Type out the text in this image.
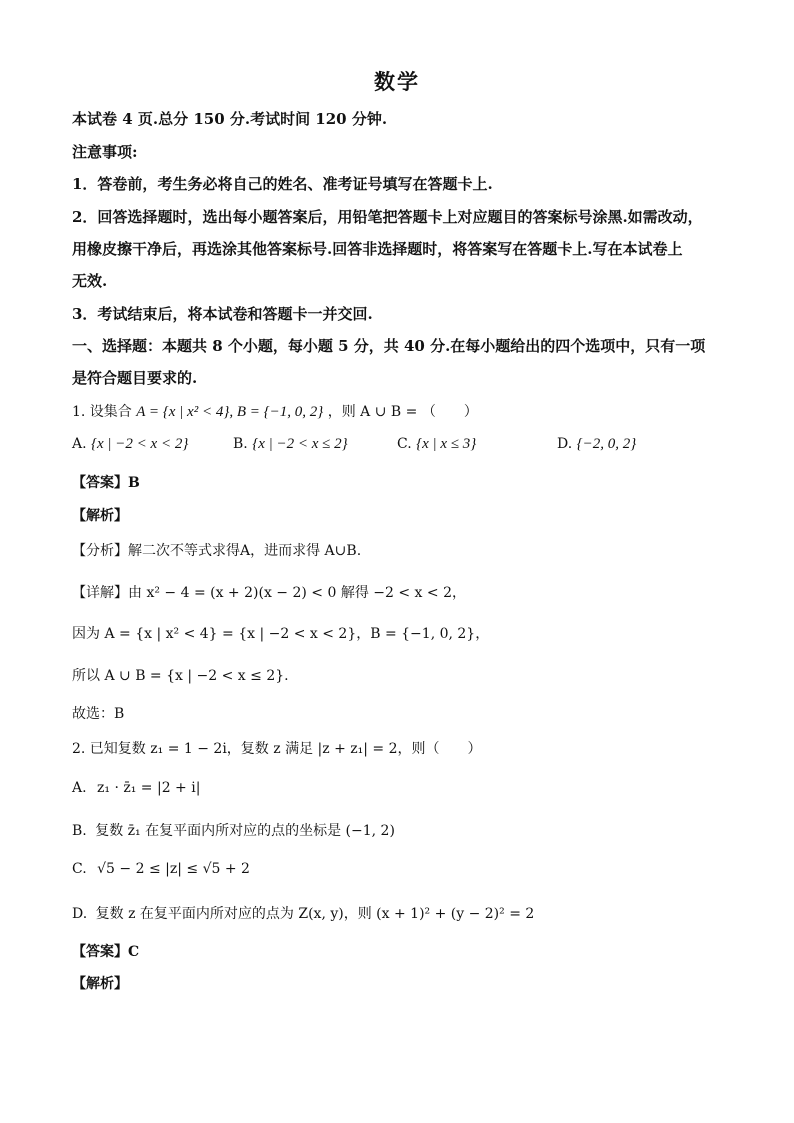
数学
本试卷 4 页.总分 150 分.考试时间 120 分钟.
注意事项:
1．答卷前，考生务必将自己的姓名、准考证号填写在答题卡上.
2．回答选择题时，选出每小题答案后，用铅笔把答题卡上对应题目的答案标号涂黑.如需改动，
用橡皮擦干净后，再选涂其他答案标号.回答非选择题时，将答案写在答题卡上.写在本试卷上
无效.
3．考试结束后，将本试卷和答题卡一并交回.
一、选择题：本题共 8 个小题，每小题 5 分，共 40 分.在每小题给出的四个选项中，只有一项
是符合题目要求的.
1. 设集合 A = {x | x² < 4}, B = {−1, 0, 2} ，则 A ∪ B = （　　）
A. {x | −2 < x < 2}	B. {x | −2 < x ≤ 2}	C. {x | x ≤ 3}	D. {−2, 0, 2}
【答案】B
【解析】
【分析】解二次不等式求得A，进而求得 A∪B.
【详解】由 x² − 4 = (x + 2)(x − 2) < 0 解得 −2 < x < 2，
因为 A = {x | x² < 4} = {x | −2 < x < 2}，B = {−1, 0, 2}，
所以 A ∪ B = {x | −2 < x ≤ 2}.
故选：B
2. 已知复数 z₁ = 1 − 2i，复数 z 满足 |z + z₁| = 2，则（　　）
A. z₁ · z̄₁ = |2 + i|
B. 复数 z̄₁ 在复平面内所对应的点的坐标是 (−1, 2)
C. √5 − 2 ≤ |z| ≤ √5 + 2
D. 复数 z 在复平面内所对应的点为 Z(x, y)，则 (x + 1)² + (y − 2)² = 2
【答案】C
【解析】
